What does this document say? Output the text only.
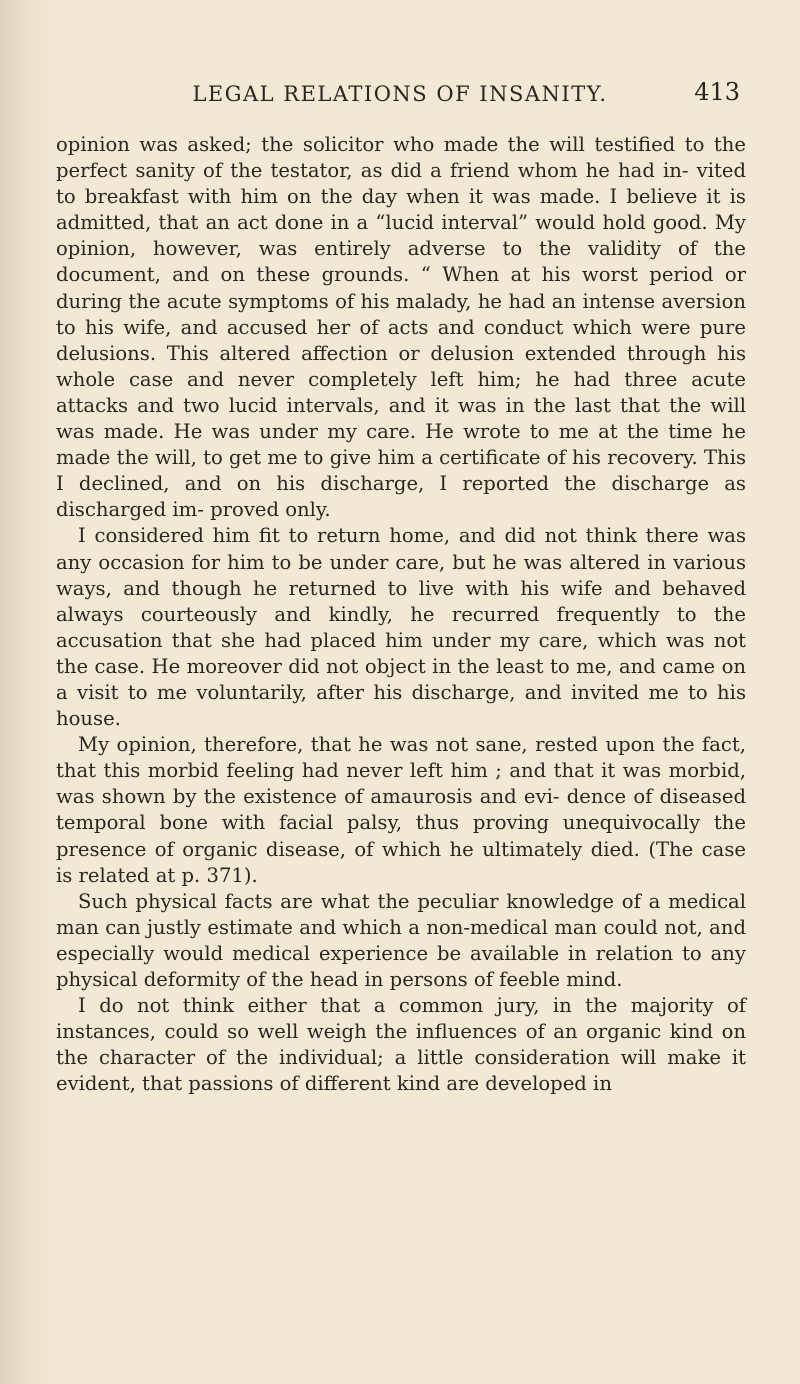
LEGAL RELATIONS OF INSANITY.	413

opinion was asked; the solicitor who made the will testified to the perfect sanity of the testator, as did a friend whom he had in- vited to breakfast with him on the day when it was made. I believe it is admitted, that an act done in a “lucid interval” would hold good. My opinion, however, was entirely adverse to the validity of the document, and on these grounds. “ When at his worst period or during the acute symptoms of his malady, he had an intense aversion to his wife, and accused her of acts and conduct which were pure delusions. This altered affection or delusion extended through his whole case and never completely left him; he had three acute attacks and two lucid intervals, and it was in the last that the will was made. He was under my care. He wrote to me at the time he made the will, to get me to give him a certificate of his recovery. This I declined, and on his discharge, I reported the discharge as discharged im- proved only.

I considered him fit to return home, and did not think there was any occasion for him to be under care, but he was altered in various ways, and though he returned to live with his wife and behaved always courteously and kindly, he recurred frequently to the accusation that she had placed him under my care, which was not the case. He moreover did not object in the least to me, and came on a visit to me voluntarily, after his discharge, and invited me to his house.

My opinion, therefore, that he was not sane, rested upon the fact, that this morbid feeling had never left him ; and that it was morbid, was shown by the existence of amaurosis and evi- dence of diseased temporal bone with facial palsy, thus proving unequivocally the presence of organic disease, of which he ultimately died. (The case is related at p. 371).

Such physical facts are what the peculiar knowledge of a medical man can justly estimate and which a non-medical man could not, and especially would medical experience be available in relation to any physical deformity of the head in persons of feeble mind.

I do not think either that a common jury, in the majority of instances, could so well weigh the influences of an organic kind on the character of the individual; a little consideration will make it evident, that passions of different kind are developed in
